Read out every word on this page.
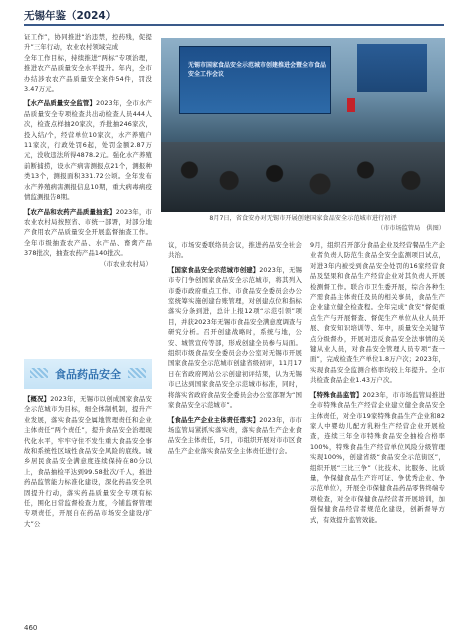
无锡年鉴（2024）

证工作”，协同推进“治违禁，控药残，促提升”三年行动，农业农村领域完成

全年工作目标，持续推进“两标”专项治理，推进农产品质量安全水平提升。年内，全市办结涉农农产品质量安全案件54件，罚没3.47万元。

【水产品质量安全监管】2023年，全市水产品质量安全专项检查共出动检查人员444人次，检查点样抽20家次，乔批抽246家次，投入结/个，经营单位10家次，水产养殖户11家次，行政处罚6起，处罚金额2.87万元，没收违法所得4878.2元。强化水产养殖前断捕捞，设水产病害测报点21个，测报种类13个，测报面积331.72公顷。全年发布水产养殖病害测报信息10期，重大病毒病疫情监测报告8期。
【农产品和农药产品质量抽查】2023年，市农业农村局按照省、市统一部署，对部分地产食用农产品质量安全开展监督抽查工作。全年市级抽查农产品、水产品、畜禽产品378批次，抽查农药产品140批次。
（市农业农村局）
食品药品安全
【概况】2023年，无锡市以创成国家食品安全示范城市为目标，细全体制机制，提升产业发展，落实食品安全属地管理责任和企业主体责任“两个责任”，提升食品安全治理现代化水平，牢牢守住不发生重大食品安全事故和系统性区域性食品安全风险的底线。城乡居民食品安全满意度连续保持在80分以上，食品抽检平达到99.58批次/千人，推进药品监管能力标准化建设，深化药品安全巩固提升行动，落实药品质量安全专项有标任，围化日常监督检查力度，今铺监督管理专项责任，开展自在药品市场安全建设/扩大”公
无锡市国家食品安全示范城市创建推进会暨全市食品安全工作会议
8月7日，省食安办对无锡市开展创建国家食品安全示范城市进行初评
（市市场监管局　供图）

议，市场安委联络员会议，推进药品安全社会共治。

【国家食品安全示范城市创建】2023年，无锡市专门争创国家食品安全示范城市，将其列入市委市政府重点工作、市食品安全委员会办公室统筹实施创建台账管理，对创建点位和指标落实分条到进，总计上报12项“示范引领”项目，并获2023年无锡市食品安全满意度调查与研究分析。召开创建战略时，系统与地，公安、城管宣传等部，形成创建全员参与局面。组织市级食品安全委员会办公室对无锡市开展国家食品安全示范城市创建省级初评，11月17日在省政府网站公示创建初评结果，认为无锡市已达到国家食品安全示范城市标准，同时，将落实省政府食品安全委员会办公室部署为“国家食品安全示范城市”。
【食品生产企业主体责任落实】2023年，市市场监管局紧抓实落实责，落实食品生产企业食品安全主体责任，5月，市组织开展对市市区食品生产企业落实食品安全主体责任进行会。

9月，组织召开部分食品企业及经营餐品生产企业者负责人防范生食品全安全监测项目试点，对进3年内被受到食品安全处罚的16家经营食品及坚果和食品生产经营企业对其负责人开展检测督工作。联合市卫生委开展，综合各种生产需食品主体责任及员的相关事员，食品生产企业建立健全检查程。全年完成“食安”督促重点生产与开展督查、督促生产单位从业人员开展、食安知识培训等、年中，质量安全关键节点分级督办，开展对违反食品安全法事情的关键从业人员，对食品安全管理人员专项“查一面”，完成检查生产单位1.8万户次；2023年，实现食品安全监测合格率均较上年提升。全市共检查食品企业1.43万户次。

【特殊食品监管】2023年，市市场监管局推进全市特殊食品生产经营企业建立健全食品安全主体责任，对全市19家特殊食品生产企业和82家人中婴幼儿配方乳粉生产经营企业开展检查，连续三年全市特殊食品安全抽检合格率100%，特殊食品生产经营单位风险分级管理实现100%，创建省级“食品安全示范街区”，组织开展“三比三争”（比技术、比服务、比质量，争保健食品生产许可证、争优秀企业、争示范单位），开展全市保健食品药品零售终端专项检查，对全市保健食品经营者开展培训，加强保健食品经营者规范化建设，创新督导方式，有效提升监管效能。
460
